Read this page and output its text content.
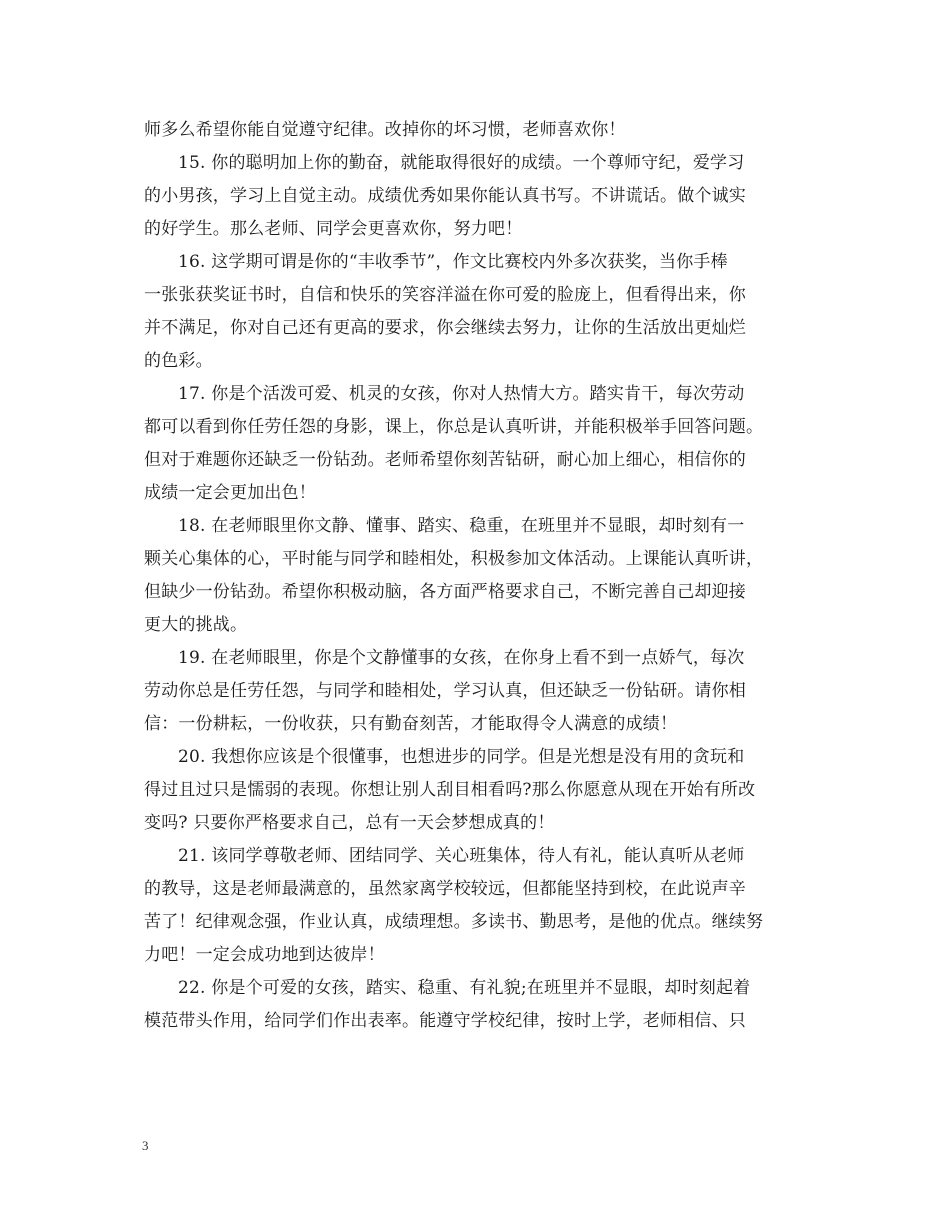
师多么希望你能自觉遵守纪律。改掉你的坏习惯，老师喜欢你！
15. 你的聪明加上你的勤奋，就能取得很好的成绩。一个尊师守纪，爱学习
的小男孩，学习上自觉主动。成绩优秀如果你能认真书写。不讲谎话。做个诚实
的好学生。那么老师、同学会更喜欢你，努力吧！
16. 这学期可谓是你的“丰收季节”，作文比赛校内外多次获奖，当你手棒
一张张获奖证书时，自信和快乐的笑容洋溢在你可爱的脸庞上，但看得出来，你
并不满足，你对自己还有更高的要求，你会继续去努力，让你的生活放出更灿烂
的色彩。
17. 你是个活泼可爱、机灵的女孩，你对人热情大方。踏实肯干，每次劳动
都可以看到你任劳任怨的身影，课上，你总是认真听讲，并能积极举手回答问题。
但对于难题你还缺乏一份钻劲。老师希望你刻苦钻研，耐心加上细心，相信你的
成绩一定会更加出色！
18. 在老师眼里你文静、懂事、踏实、稳重，在班里并不显眼，却时刻有一
颗关心集体的心，平时能与同学和睦相处，积极参加文体活动。上课能认真听讲，
但缺少一份钻劲。希望你积极动脑，各方面严格要求自己，不断完善自己却迎接
更大的挑战。
19. 在老师眼里，你是个文静懂事的女孩，在你身上看不到一点娇气，每次
劳动你总是任劳任怨，与同学和睦相处，学习认真，但还缺乏一份钻研。请你相
信：一份耕耘，一份收获，只有勤奋刻苦，才能取得令人满意的成绩！
20. 我想你应该是个很懂事，也想进步的同学。但是光想是没有用的贪玩和
得过且过只是懦弱的表现。你想让别人刮目相看吗?那么你愿意从现在开始有所改
变吗? 只要你严格要求自己，总有一天会梦想成真的！
21. 该同学尊敬老师、团结同学、关心班集体，待人有礼，能认真听从老师
的教导，这是老师最满意的，虽然家离学校较远，但都能坚持到校，在此说声辛
苦了！纪律观念强，作业认真，成绩理想。多读书、勤思考，是他的优点。继续努
力吧！一定会成功地到达彼岸！
22. 你是个可爱的女孩，踏实、稳重、有礼貌;在班里并不显眼，却时刻起着
模范带头作用，给同学们作出表率。能遵守学校纪律，按时上学，老师相信、只
3
